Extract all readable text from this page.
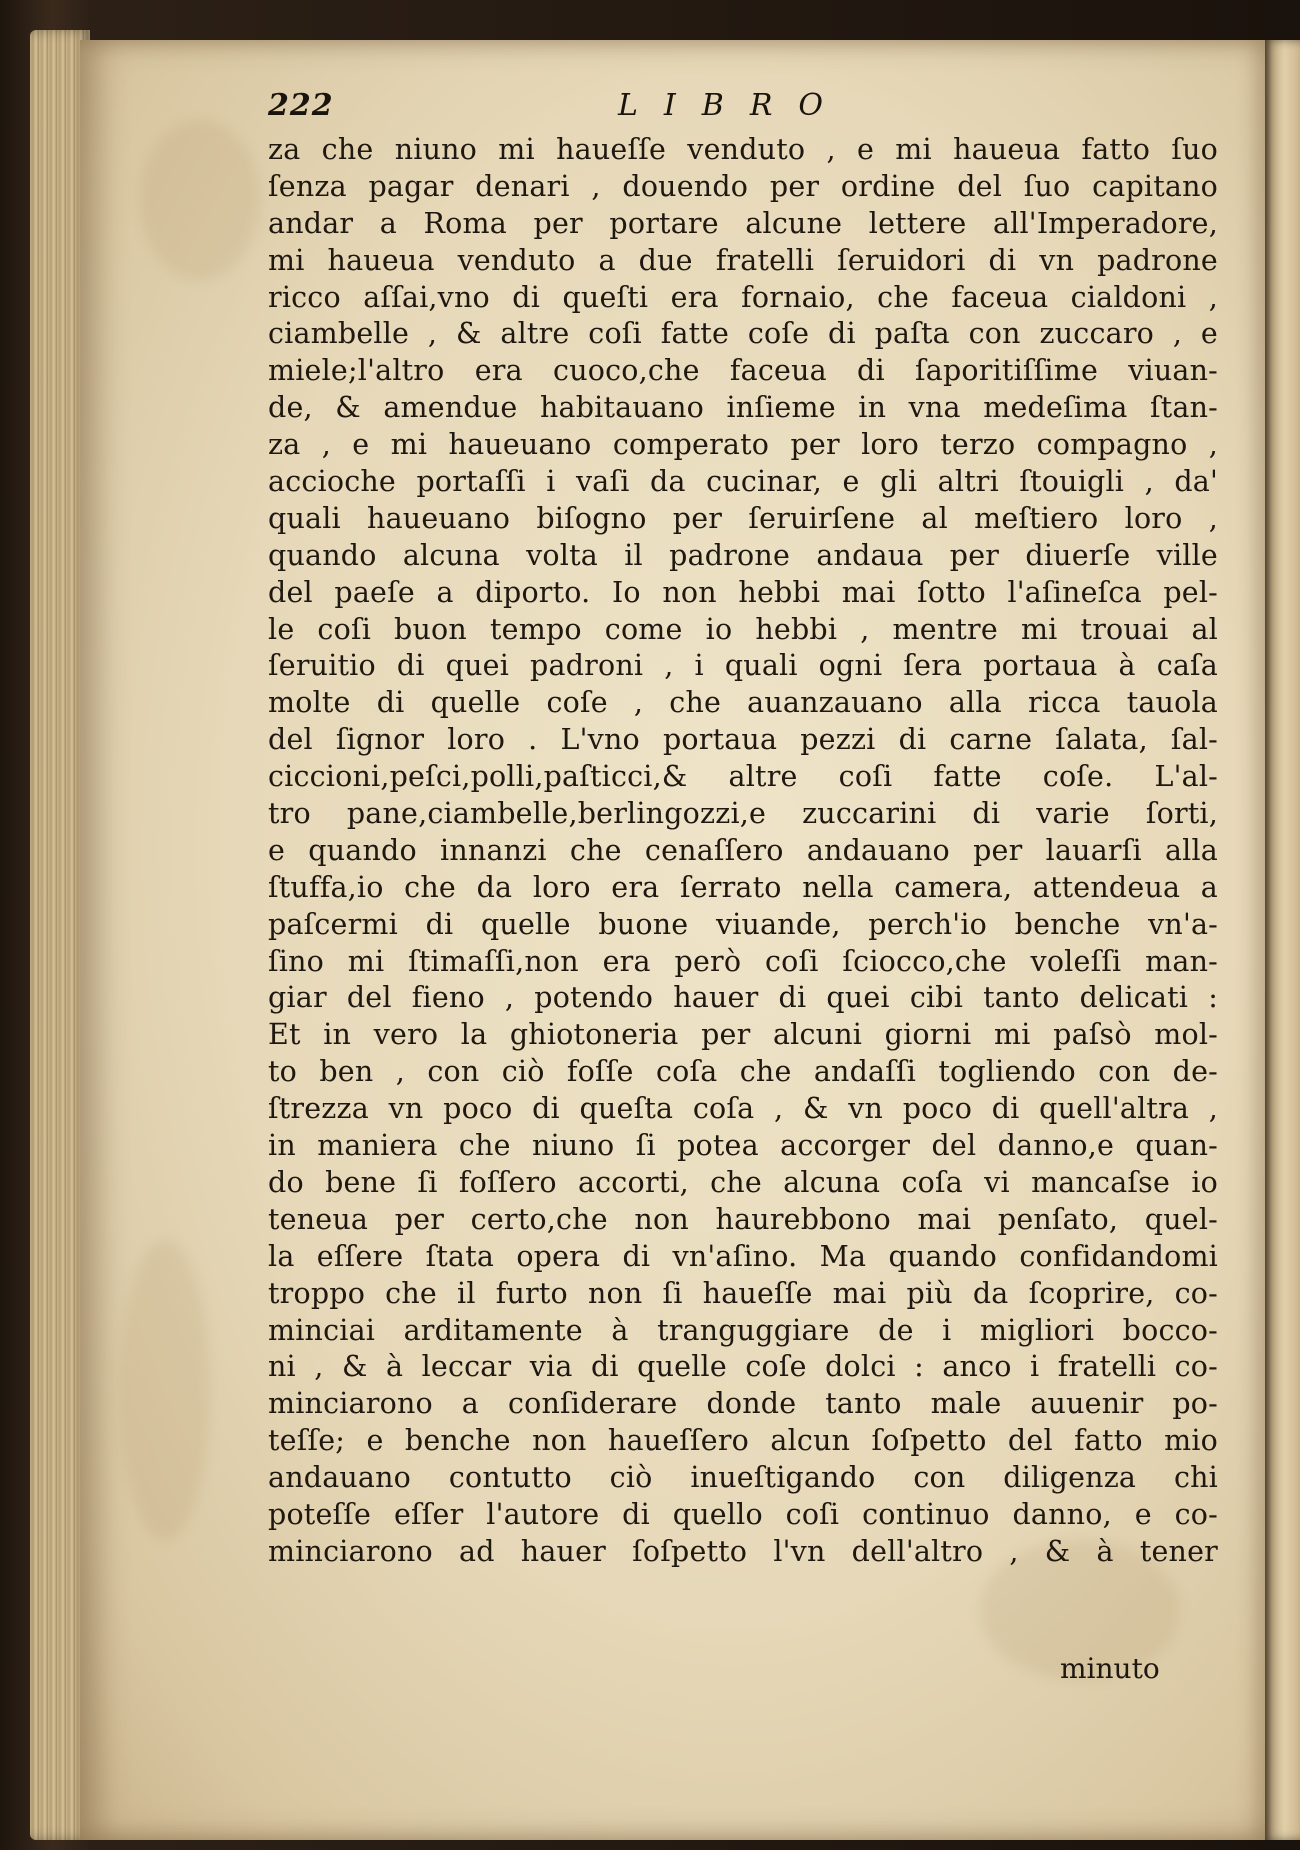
222	LIBRO
za che niuno mi haueſſe venduto , e mi haueua fatto ſuo
ſenza pagar denari , douendo per ordine del ſuo capitano
andar a Roma per portare alcune lettere all'Imperadore,
mi haueua venduto a due fratelli ſeruidori di vn padrone
ricco aſſai,vno di queſti era fornaio, che faceua cialdoni ,
ciambelle , & altre coſi fatte coſe di paſta con zuccaro , e
miele;l'altro era cuoco,che faceua di ſaporitiſſime viuan-
de, & amendue habitauano inſieme in vna medeſima ſtan-
za , e mi haueuano comperato per loro terzo compagno ,
accioche portaſſi i vaſi da cucinar, e gli altri ſtouigli , da'
quali haueuano biſogno per ſeruirſene al meſtiero loro ,
quando alcuna volta il padrone andaua per diuerſe ville
del paeſe a diporto. Io non hebbi mai ſotto l'aſineſca pel-
le coſi buon tempo come io hebbi , mentre mi trouai al
ſeruitio di quei padroni , i quali ogni ſera portaua à caſa
molte di quelle coſe , che auanzauano alla ricca tauola
del ſignor loro . L'vno portaua pezzi di carne ſalata, ſal-
ciccioni,peſci,polli,paſticci,& altre coſi fatte coſe. L'al-
tro pane,ciambelle,berlingozzi,e zuccarini di varie ſorti,
e quando innanzi che cenaſſero andauano per lauarſi alla
ſtuffa,io che da loro era ſerrato nella camera, attendeua a
paſcermi di quelle buone viuande, perch'io benche vn'a-
ſino mi ſtimaſſi,non era però coſi ſciocco,che voleſſi man-
giar del fieno , potendo hauer di quei cibi tanto delicati :
Et in vero la ghiotoneria per alcuni giorni mi paſsò mol-
to ben , con ciò foſſe coſa che andaſſi togliendo con de-
ſtrezza vn poco di queſta coſa , & vn poco di quell'altra ,
in maniera che niuno ſi potea accorger del danno,e quan-
do bene ſi foſſero accorti, che alcuna coſa vi mancaſse io
teneua per certo,che non haurebbono mai penſato, quel-
la eſſere ſtata opera di vn'aſino. Ma quando confidandomi
troppo che il furto non ſi haueſſe mai più da ſcoprire, co-
minciai arditamente à tranguggiare de i migliori bocco-
ni , & à leccar via di quelle coſe dolci : anco i fratelli co-
minciarono a conſiderare donde tanto male auuenir po-
teſſe; e benche non haueſſero alcun ſoſpetto del fatto mio
andauano contutto ciò inueſtigando con diligenza chi
poteſſe eſſer l'autore di quello coſi continuo danno, e co-
minciarono ad hauer ſoſpetto l'vn dell'altro , & à tener
minuto
